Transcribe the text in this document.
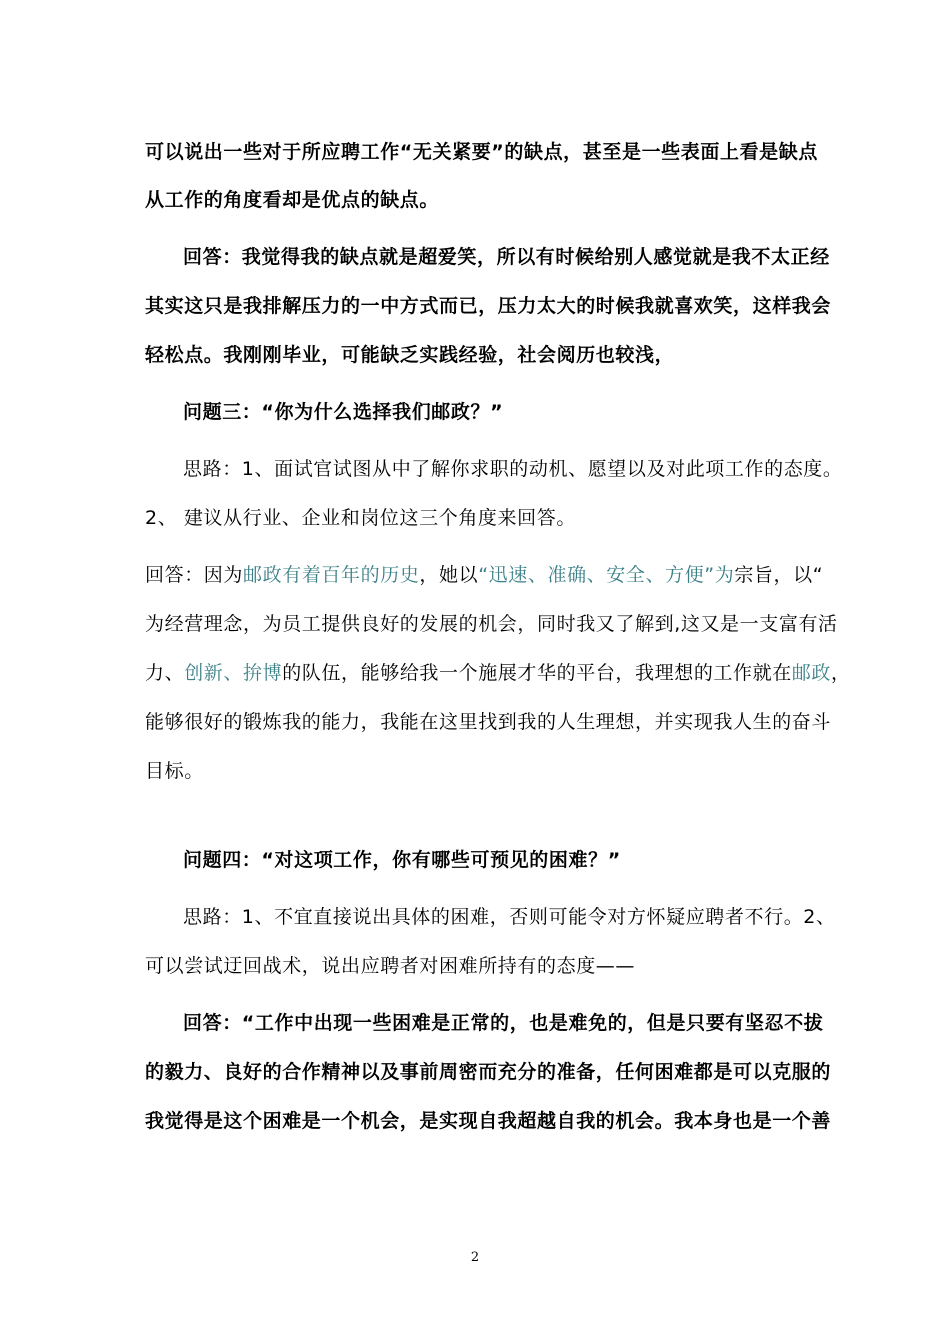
可以说出一些对于所应聘工作“无关紧要”的缺点，甚至是一些表面上看是缺点
从工作的角度看却是优点的缺点。
回答：我觉得我的缺点就是超爱笑，所以有时候给别人感觉就是我不太正经
其实这只是我排解压力的一中方式而已，压力太大的时候我就喜欢笑，这样我会
轻松点。我刚刚毕业，可能缺乏实践经验，社会阅历也较浅，
问题三：“你为什么选择我们邮政？”
思路：1、面试官试图从中了解你求职的动机、愿望以及对此项工作的态度。
2、 建议从行业、企业和岗位这三个角度来回答。
回答：因为邮政有着百年的历史，她以“迅速、准确、安全、方便”为宗旨，以“
为经营理念，为员工提供良好的发展的机会，同时我又了解到,这又是一支富有活
力、创新、拚博的队伍，能够给我一个施展才华的平台，我理想的工作就在邮政，
能够很好的锻炼我的能力，我能在这里找到我的人生理想，并实现我人生的奋斗
目标。
问题四：“对这项工作，你有哪些可预见的困难？”
思路：1、不宜直接说出具体的困难，否则可能令对方怀疑应聘者不行。2、
可以尝试迂回战术，说出应聘者对困难所持有的态度——
回答：“工作中出现一些困难是正常的，也是难免的，但是只要有坚忍不拔
的毅力、良好的合作精神以及事前周密而充分的准备，任何困难都是可以克服的
我觉得是这个困难是一个机会，是实现自我超越自我的机会。我本身也是一个善
2
